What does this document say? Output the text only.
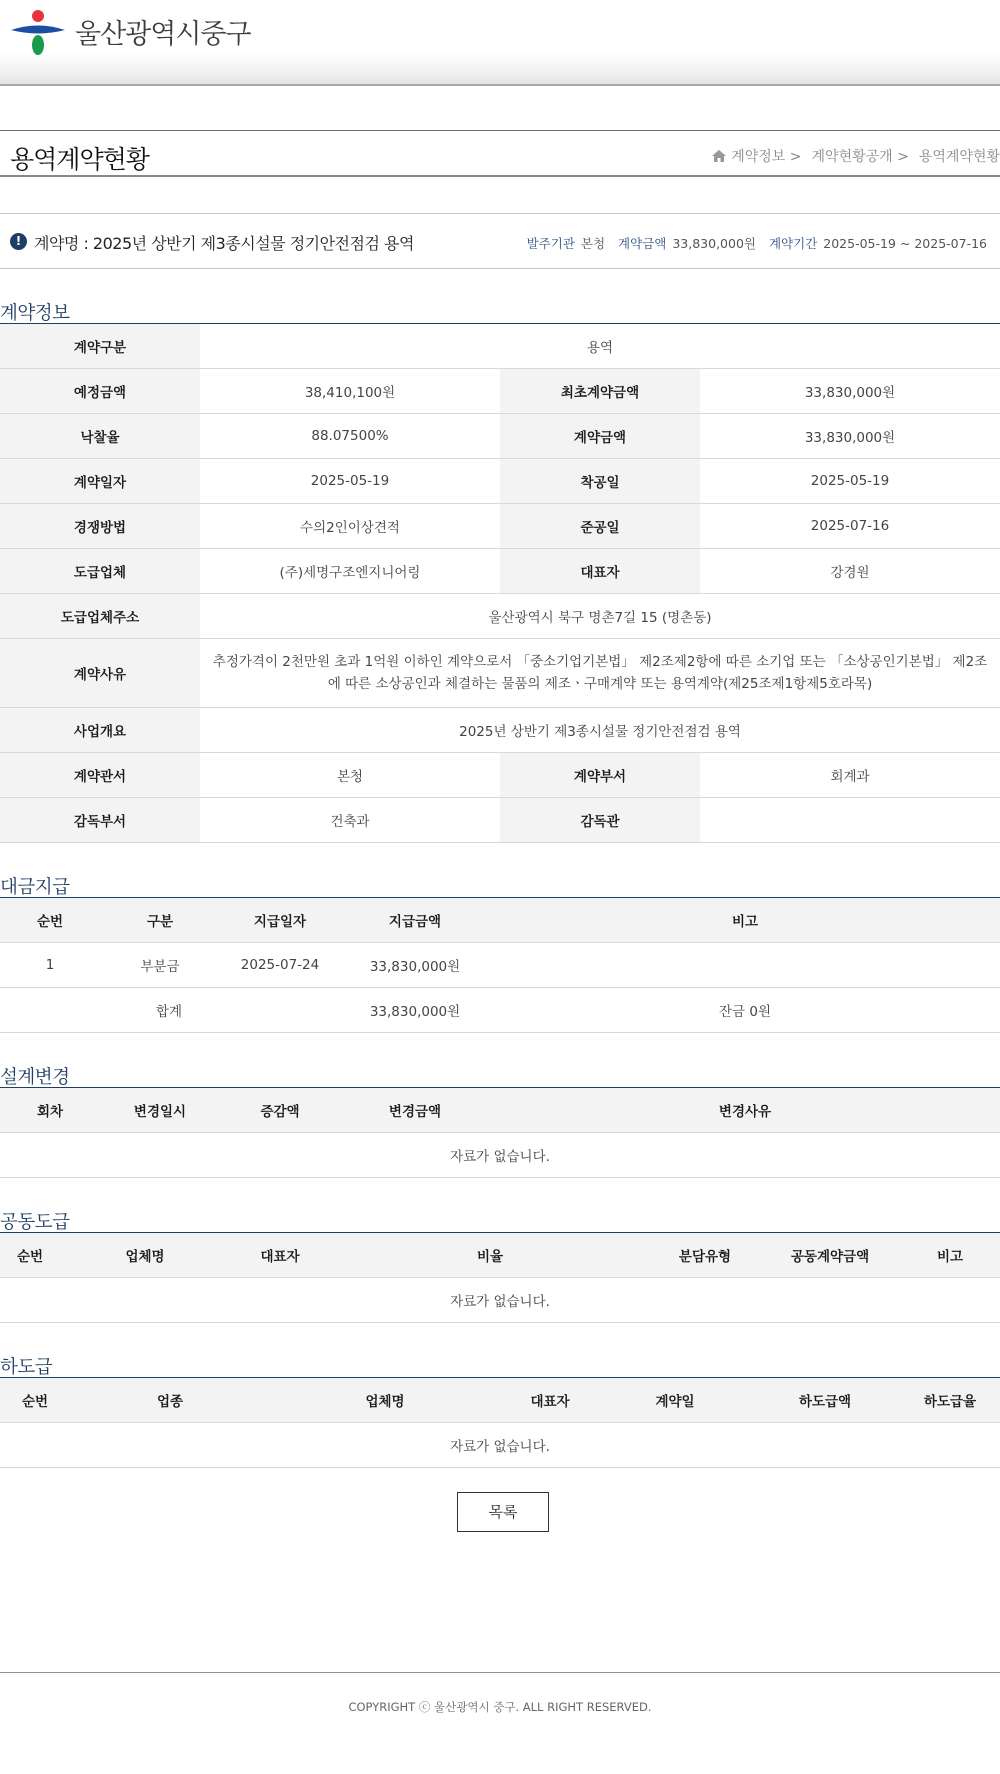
울산광역시중구
용역계약현황	계약정보 > 계약현황공개 > 용역계약현황
! 계약명 : 2025년 상반기 제3종시설물 정기안전점검 용역	발주기관 본청 계약금액 33,830,000원 계약기간 2025-05-19 ~ 2025-07-16
계약정보
계약구분	용역		
예정금액	38,410,100원	최초계약금액	33,830,000원
낙찰율	88.07500%	계약금액	33,830,000원
계약일자	2025-05-19	착공일	2025-05-19
경쟁방법	수의2인이상견적	준공일	2025-07-16
도급업체	(주)세명구조엔지니어링	대표자	강경원
도급업체주소	울산광역시 북구 명촌7길 15 (명촌동)		
계약사유	추정가격이 2천만원 초과 1억원 이하인 계약으로서 「중소기업기본법」 제2조제2항에 따른 소기업 또는 「소상공인기본법」 제2조에 따른 소상공인과 체결하는 물품의 제조ㆍ구매계약 또는 용역계약(제25조제1항제5호라목)		
사업개요	2025년 상반기 제3종시설물 정기안전점검 용역		
계약관서	본청	계약부서	회계과
감독부서	건축과	감독관	
대금지급
순번	구분	지급일자	지급금액	비고
1	부분금	2025-07-24	33,830,000원	
합계			33,830,000원	잔금 0원
설계변경
회차	변경일시	증감액	변경금액	변경사유
자료가 없습니다.
공동도급
순번	업체명	대표자	비율	분담유형	공동계약금액	비고
자료가 없습니다.
하도급
순번	업종	업체명	대표자	계약일	하도급액	하도급율
자료가 없습니다.
목록
COPYRIGHT ⓒ 울산광역시 중구. ALL RIGHT RESERVED.
